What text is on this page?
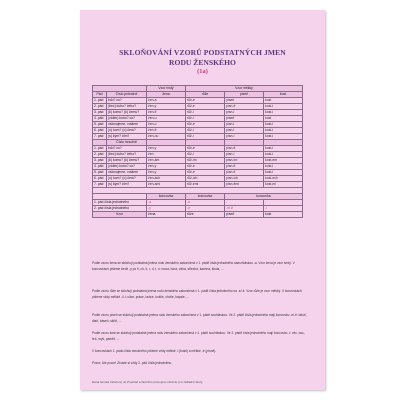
SKLOŇOVÁNÍ VZORŮ PODSTATNÝCH JMEN
RODU ŽENSKÉHO
(1a)
		Vzor tvrdý	Vzor měkký		
Pád	Číslo jednotné	žena	růže	píseň	kost
1. pád	kdo? co?	žen-a	růž-e	píseň	kost
2. pád	(bez) koho? čeho?	žen-y	růž-e	písn-ě	kost-i
3. pád	(k) komu? (k) čemu?	žen-ě	růž-i	písn-i	kost-i
4. pád	(vidím) koho? co?	žen-u	růž-i	píseň	kost
5. pád	oslovujeme, voláme	žen-o	růž-e	písn-i	kost-i
6. pád	(o) kom? (o) čem?	žen-ě	růž-i	písn-i	kost-i
7. pád	(s) kým? čím?	žen-ou	růž-í	písn-í	kost-í
	Číslo množné				
1. pád	kdo? co?	žen-y	růž-e	písn-ě	kost-i
2. pád	(bez) koho? čeho?	žen	růž-í	písn-í	kost-í
3. pád	(k) komu? (k) čemu?	žen-ám	růž-ím	písn-ím	kost-em
4. pád	(vidím) koho? co?	žen-y	růž-e	písn-ě	kost-i
5. pád	oslovujeme, voláme	žen-y	růž-e	písn-ě	kost-i
6. pád	(o) kom? (o) čem?	žen-ách	růž-ích	písn-ích	kost-ech
7. pád	(s) kým? čím?	žen-ami	růž-emi	písn-ěmi	kost-mi

		koncovka	koncovka	koncovka	
1. pád čísla jednotného		-a	-e	-	-
2. pád čísla jednotného		-y	-e	-e/-ě	-i
Vzor		žena	růže	píseň	kost
Podle vzoru žena se skloňují podstatná jména rodu ženského zakončená v 1. pádě čísla jednotného samohláskou -a. Vzor žena je vzor tvrdý. V koncovkách píšeme tvrdé -y po h, ch, k, r, d, t, n: roura, hora, váha, střecha, kachna, škola, ...
Podle vzoru růže se skloňují podstatná jména rodu ženského zakončená v 1. pádě čísla jednotného na -e/-ě. Vzor růže je vzor měkký. V koncovkách píšeme vždy měkké -i/-í: ulice, práce, lavice, košile, chvíle, kapsle, ...
Podle vzoru píseň se skloňují podstatná jména rodu ženského zakončená v 1. pádě souhláskou. Ve 2. pádě čísla jednotného mají koncovku -e/-ě: labuť, dlaň, báseň, skříň, ...
Podle vzoru kost se skloňují podstatná jména rodu ženského zakončená v 1. pádě souhláskou. Ve 2. pádě čísla jednotného mají koncovku -i: věc, noc, řeč, myš, paměť, ...
V koncovkách 1. pádu čísla množného píšeme vždy měkké -i (kosti) a měkké -ě (písně).
Pozor: Ale pozor! Zkuste si vždy 2. pád čísla jednotného.
Daná témata zařazeny do Pravidel a školního pravopisu učebnic pro základní školy.
